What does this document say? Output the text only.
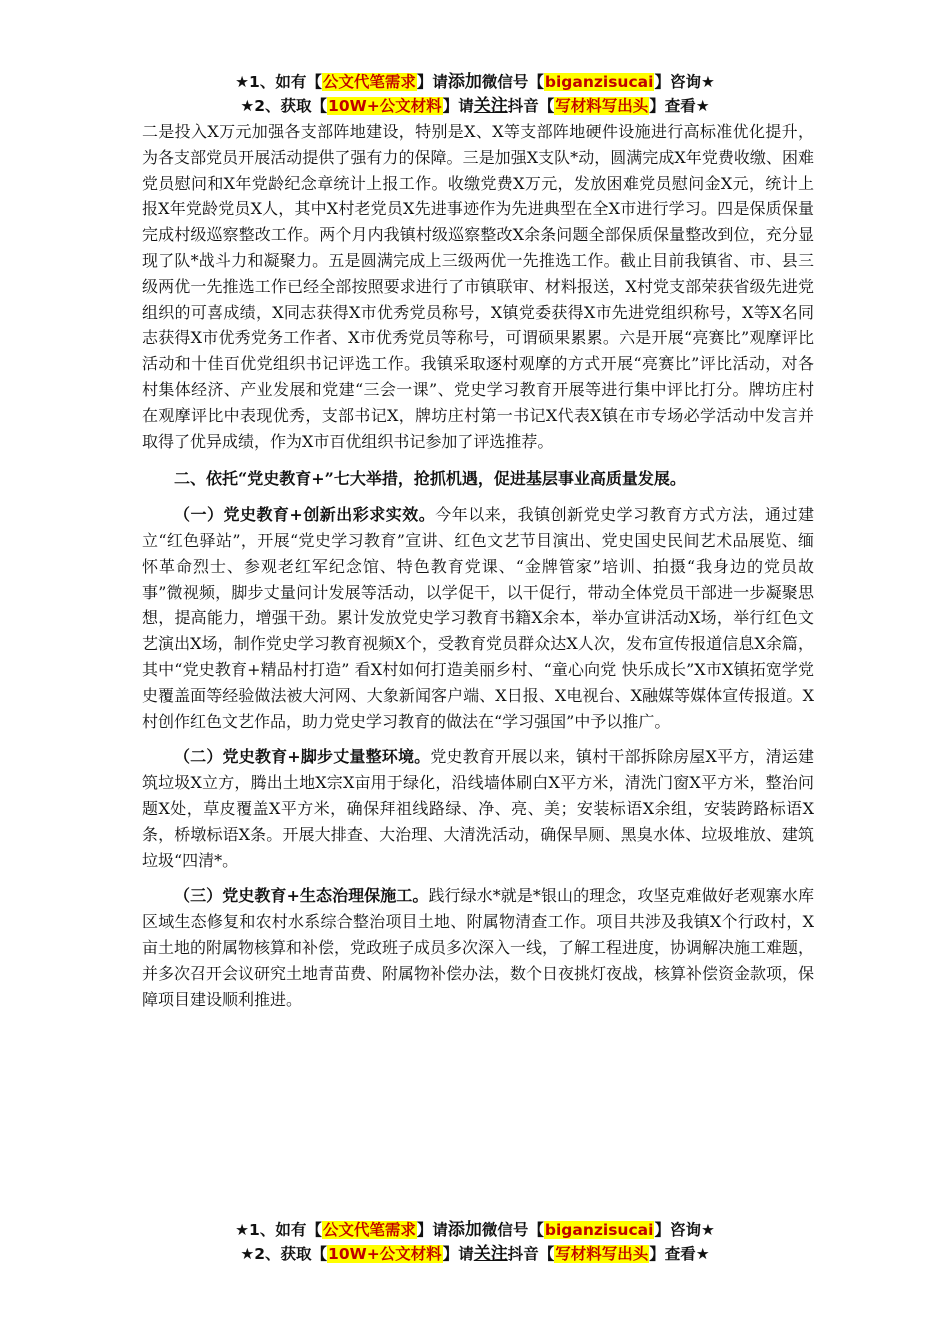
★1、如有【公文代笔需求】请添加微信号【biganzisucai】咨询★
★2、获取【10W+公文材料】请关注抖音【写材料写出头】查看★

二是投入X万元加强各支部阵地建设，特别是X、X等支部阵地硬件设施进行高标准优化提升，为各支部党员开展活动提供了强有力的保障。三是加强X支队*动，圆满完成X年党费收缴、困难党员慰问和X年党龄纪念章统计上报工作。收缴党费X万元，发放困难党员慰问金X元，统计上报X年党龄党员X人，其中X村老党员X先进事迹作为先进典型在全X市进行学习。四是保质保量完成村级巡察整改工作。两个月内我镇村级巡察整改X余条问题全部保质保量整改到位，充分显现了队*战斗力和凝聚力。五是圆满完成上三级两优一先推选工作。截止目前我镇省、市、县三级两优一先推选工作已经全部按照要求进行了市镇联审、材料报送，X村党支部荣获省级先进党组织的可喜成绩，X同志获得X市优秀党员称号，X镇党委获得X市先进党组织称号，X等X名同志获得X市优秀党务工作者、X市优秀党员等称号，可谓硕果累累。六是开展“亮赛比”观摩评比活动和十佳百优党组织书记评选工作。我镇采取逐村观摩的方式开展“亮赛比”评比活动，对各村集体经济、产业发展和党建“三会一课”、党史学习教育开展等进行集中评比打分。牌坊庄村在观摩评比中表现优秀，支部书记X，牌坊庄村第一书记X代表X镇在市专场必学活动中发言并取得了优异成绩，作为X市百优组织书记参加了评选推荐。

二、依托“党史教育+”七大举措，抢抓机遇，促进基层事业高质量发展。

（一）党史教育+创新出彩求实效。今年以来，我镇创新党史学习教育方式方法，通过建立“红色驿站”，开展“党史学习教育”宣讲、红色文艺节目演出、党史国史民间艺术品展览、缅怀革命烈士、参观老红军纪念馆、特色教育党课、“金牌管家”培训、拍摄“我身边的党员故事”微视频，脚步丈量问计发展等活动，以学促干，以干促行，带动全体党员干部进一步凝聚思想，提高能力，增强干劲。累计发放党史学习教育书籍X余本，举办宣讲活动X场，举行红色文艺演出X场，制作党史学习教育视频X个，受教育党员群众达X人次，发布宣传报道信息X余篇，其中“党史教育+精品村打造” 看X村如何打造美丽乡村、“童心向党 快乐成长”X市X镇拓宽学党史覆盖面等经验做法被大河网、大象新闻客户端、X日报、X电视台、X融媒等媒体宣传报道。X村创作红色文艺作品，助力党史学习教育的做法在“学习强国”中予以推广。

（二）党史教育+脚步丈量整环境。党史教育开展以来，镇村干部拆除房屋X平方，清运建筑垃圾X立方，腾出土地X宗X亩用于绿化，沿线墙体刷白X平方米，清洗门窗X平方米，整治问题X处，草皮覆盖X平方米，确保拜祖线路绿、净、亮、美；安装标语X余组，安装跨路标语X条，桥墩标语X条。开展大排查、大治理、大清洗活动，确保旱厕、黑臭水体、垃圾堆放、建筑垃圾“四清*。

（三）党史教育+生态治理保施工。践行绿水*就是*银山的理念，攻坚克难做好老观寨水库区域生态修复和农村水系综合整治项目土地、附属物清查工作。项目共涉及我镇X个行政村，X亩土地的附属物核算和补偿，党政班子成员多次深入一线，了解工程进度，协调解决施工难题，并多次召开会议研究土地青苗费、附属物补偿办法，数个日夜挑灯夜战，核算补偿资金款项，保障项目建设顺利推进。

★1、如有【公文代笔需求】请添加微信号【biganzisucai】咨询★
★2、获取【10W+公文材料】请关注抖音【写材料写出头】查看★
